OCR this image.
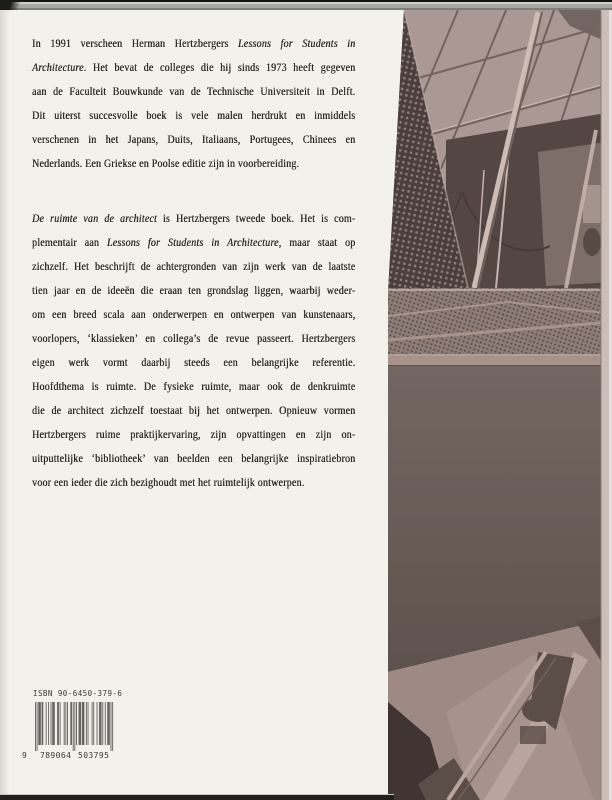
In 1991 verscheen Herman Hertzbergers Lessons for Students in
Architecture. Het bevat de colleges die hij sinds 1973 heeft gegeven
aan de Faculteit Bouwkunde van de Technische Universiteit in Delft.
Dit uiterst succesvolle boek is vele malen herdrukt en inmiddels
verschenen in het Japans, Duits, Italiaans, Portugees, Chinees en
Nederlands. Een Griekse en Poolse editie zijn in voorbereiding.
De ruimte van de architect is Hertzbergers tweede boek. Het is com-
plementair aan Lessons for Students in Architecture, maar staat op
zichzelf. Het beschrijft de achtergronden van zijn werk van de laatste
tien jaar en de ideeën die eraan ten grondslag liggen, waarbij weder-
om een breed scala aan onderwerpen en ontwerpen van kunstenaars,
voorlopers, ‘klassieken’ en collega’s de revue passeert. Hertzbergers
eigen werk vormt daarbij steeds een belangrijke referentie.
Hoofdthema is ruimte. De fysieke ruimte, maar ook de denkruimte
die de architect zichzelf toestaat bij het ontwerpen. Opnieuw vormen
Hertzbergers ruime praktijkervaring, zijn opvattingen en zijn on-
uitputtelijke ‘bibliotheek’ van beelden een belangrijke inspiratiebron
voor een ieder die zich bezighoudt met het ruimtelijk ontwerpen.
ISBN 90-6450-379-6
9 789064 503795
